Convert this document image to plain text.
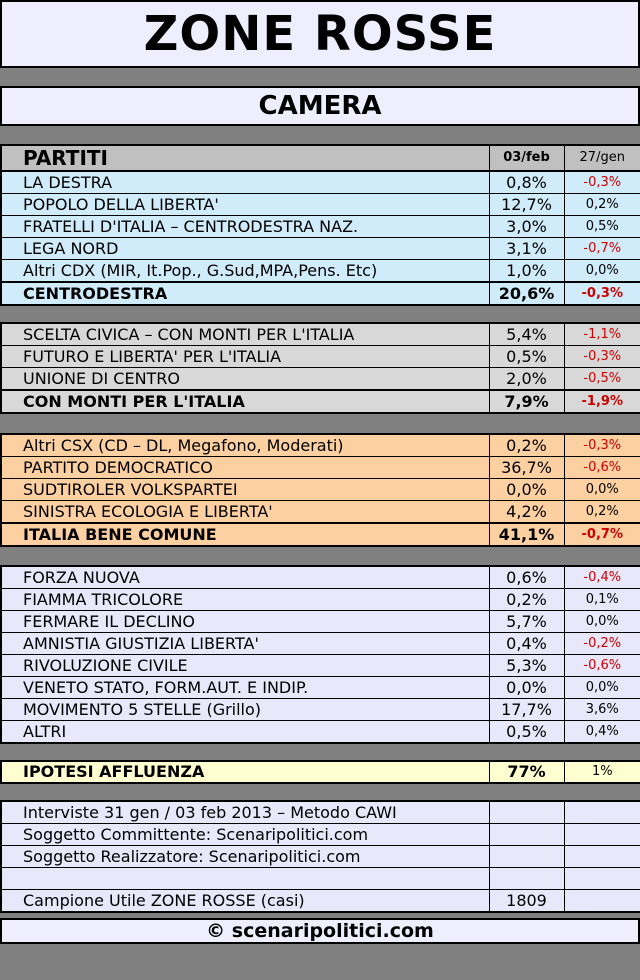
ZONE ROSSE
CAMERA
PARTITI	03/feb	27/gen
LA DESTRA	0,8%	-0,3%
POPOLO DELLA LIBERTA'	12,7%	0,2%
FRATELLI D'ITALIA – CENTRODESTRA NAZ.	3,0%	0,5%
LEGA NORD	3,1%	-0,7%
Altri CDX (MIR, It.Pop., G.Sud,MPA,Pens. Etc)	1,0%	0,0%
CENTRODESTRA	20,6%	-0,3%
SCELTA CIVICA – CON MONTI PER L'ITALIA	5,4%	-1,1%
FUTURO E LIBERTA' PER L'ITALIA	0,5%	-0,3%
UNIONE DI CENTRO	2,0%	-0,5%
CON MONTI PER L'ITALIA	7,9%	-1,9%
Altri CSX (CD – DL, Megafono, Moderati)	0,2%	-0,3%
PARTITO DEMOCRATICO	36,7%	-0,6%
SUDTIROLER VOLKSPARTEI	0,0%	0,0%
SINISTRA ECOLOGIA E LIBERTA'	4,2%	0,2%
ITALIA BENE COMUNE	41,1%	-0,7%
FORZA NUOVA	0,6%	-0,4%
FIAMMA TRICOLORE	0,2%	0,1%
FERMARE IL DECLINO	5,7%	0,0%
AMNISTIA GIUSTIZIA LIBERTA'	0,4%	-0,2%
RIVOLUZIONE CIVILE	5,3%	-0,6%
VENETO STATO, FORM.AUT. E INDIP.	0,0%	0,0%
MOVIMENTO 5 STELLE (Grillo)	17,7%	3,6%
ALTRI	0,5%	0,4%
IPOTESI AFFLUENZA	77%	1%
Interviste 31 gen / 03 feb 2013 – Metodo CAWI		
Soggetto Committente: Scenaripolitici.com		
Soggetto Realizzatore: Scenaripolitici.com		

Campione Utile ZONE ROSSE (casi)	1809	
© scenaripolitici.com
